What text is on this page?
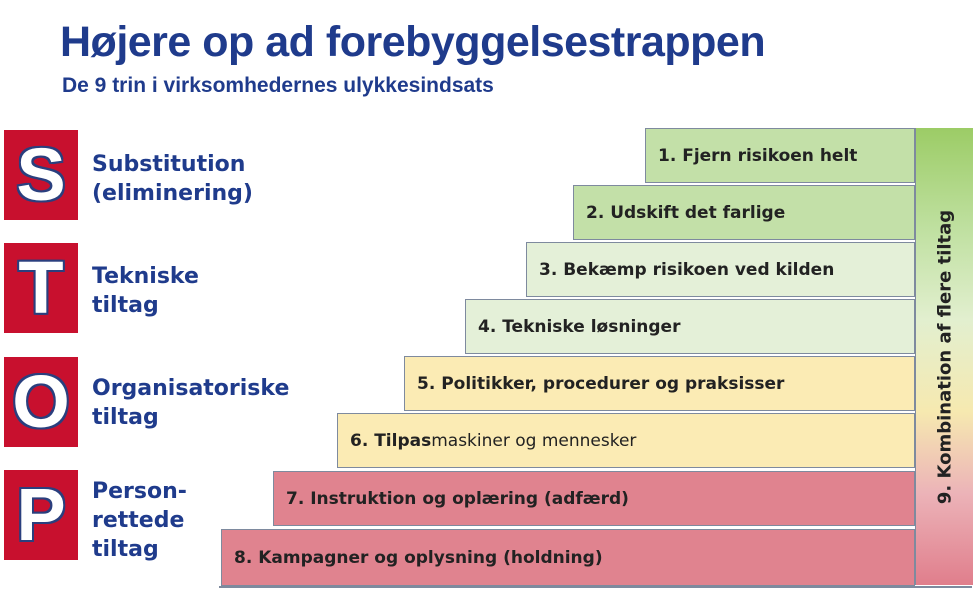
Højere op ad forebyggelsestrappen
De 9 trin i virksomhedernes ulykkesindsats
S Substitution
(eliminering)
T Tekniske
tiltag
O Organisatoriske
tiltag
P Person-
rettede
tiltag
1. Fjern risikoen helt
2. Udskift det farlige
3. Bekæmp risikoen ved kilden
4. Tekniske løsninger
5. Politikker, procedurer og praksisser
6. Tilpas maskiner og mennesker
7. Instruktion og oplæring (adfærd)
8. Kampagner og oplysning (holdning)
9. Kombination af flere tiltag
